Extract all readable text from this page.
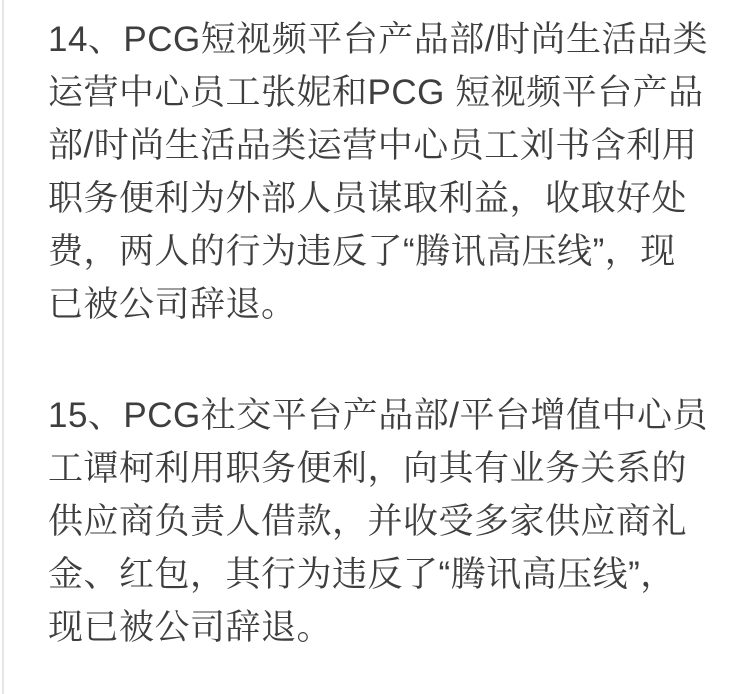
14、PCG短视频平台产品部/时尚生活品类
运营中心员工张妮和PCG 短视频平台产品
部/时尚生活品类运营中心员工刘书含利用
职务便利为外部人员谋取利益，收取好处
费，两人的行为违反了“腾讯高压线”，现
已被公司辞退。
15、PCG社交平台产品部/平台增值中心员
工谭柯利用职务便利，向其有业务关系的
供应商负责人借款，并收受多家供应商礼
金、红包，其行为违反了“腾讯高压线”，
现已被公司辞退。
